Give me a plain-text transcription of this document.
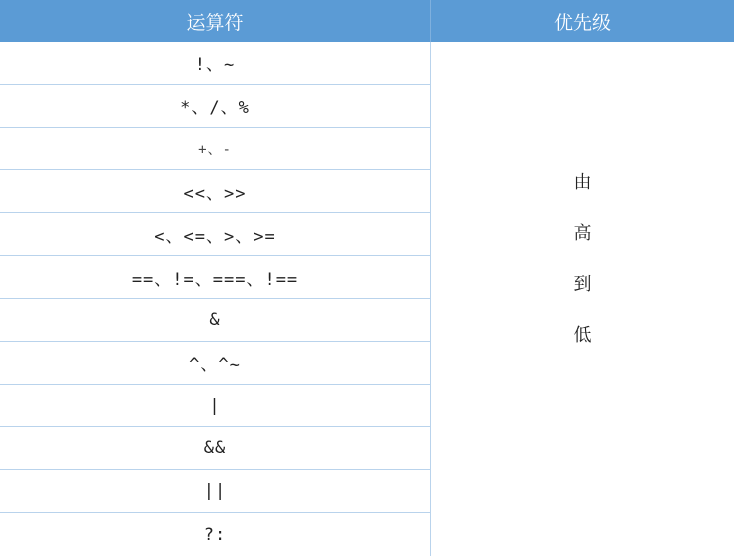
运算符	优先级
!、~
*、/、%
+、-
<<、>>
<、<=、>、>=
==、!=、===、!==
&
^、^~
|
&&
||
?:
由
高
到
低
